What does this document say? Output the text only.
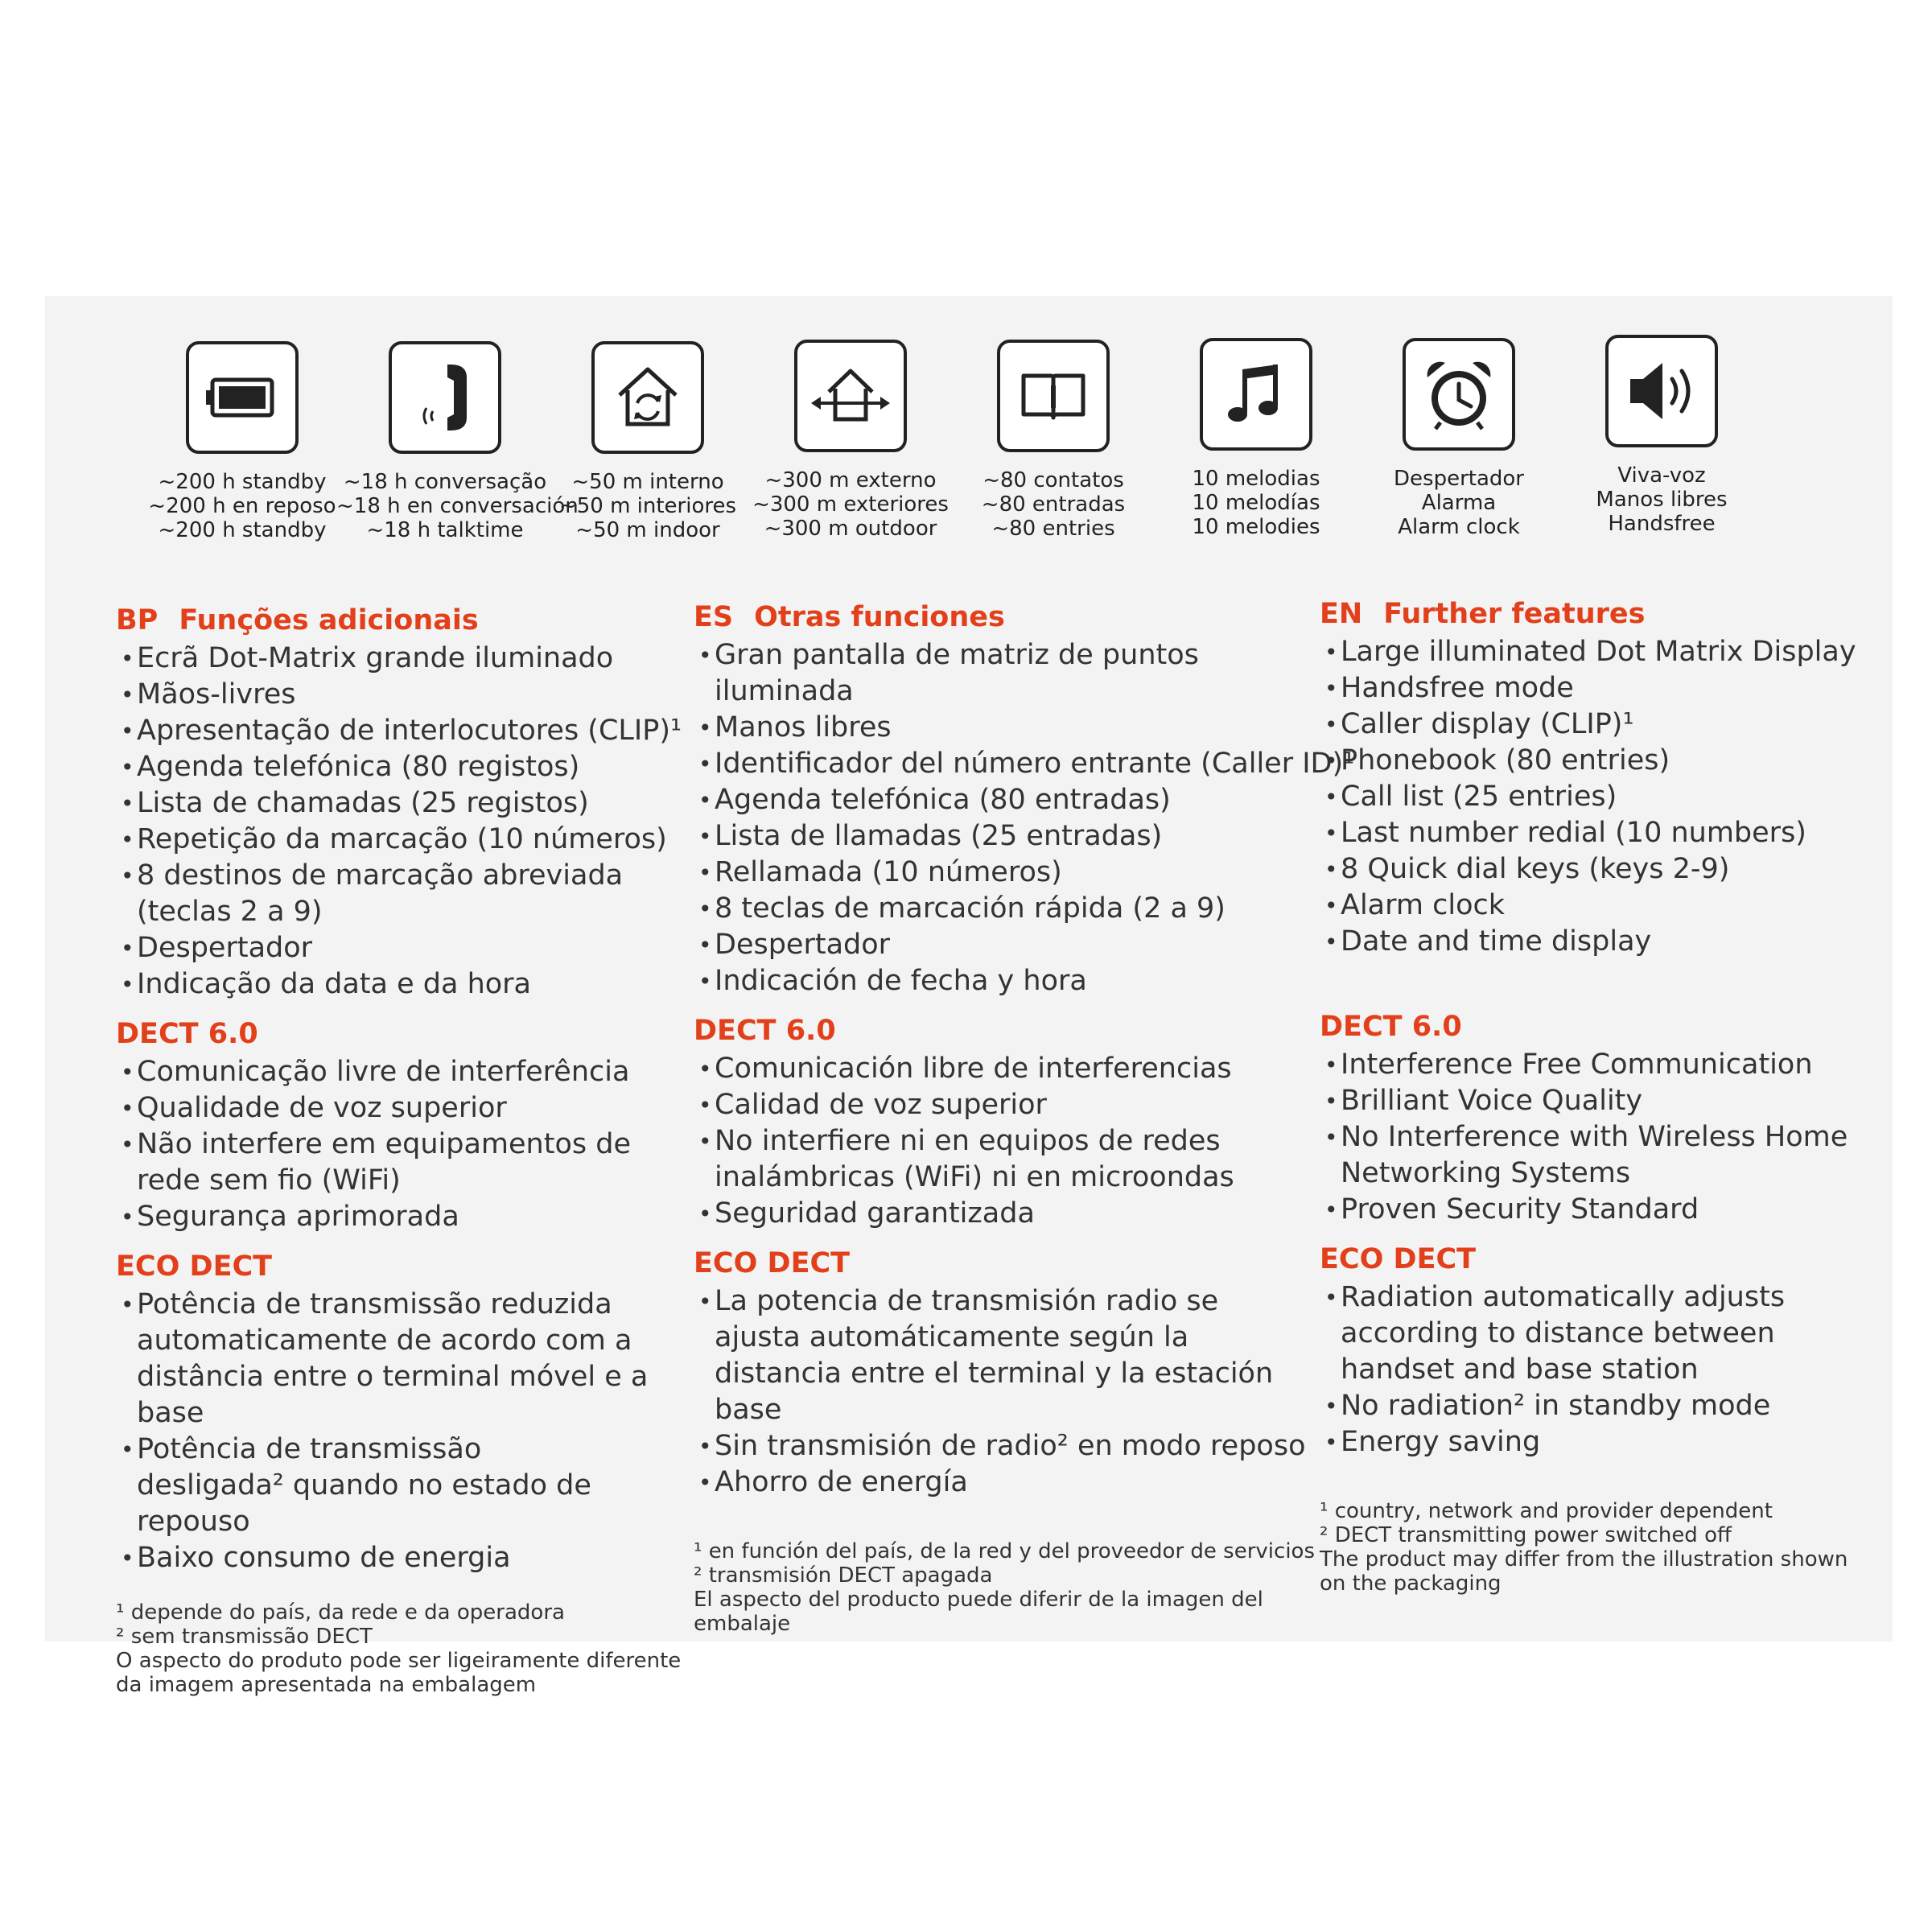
~200 h standby
~200 h en reposo
~200 h standby
~18 h conversação
~18 h en conversación
~18 h talktime
~50 m interno
~50 m interiores
~50 m indoor
~300 m externo
~300 m exteriores
~300 m outdoor
~80 contatos
~80 entradas
~80 entries
10 melodias
10 melodías
10 melodies
Despertador
Alarma
Alarm clock
Viva-voz
Manos libres
Handsfree
BP Funções adicionais
• Ecrã Dot-Matrix grande iluminado
• Mãos-livres
• Apresentação de interlocutores (CLIP)¹
• Agenda telefónica (80 registos)
• Lista de chamadas (25 registos)
• Repetição da marcação (10 números)
• 8 destinos de marcação abreviada (teclas 2 a 9)
• Despertador
• Indicação da data e da hora
DECT 6.0
• Comunicação livre de interferência
• Qualidade de voz superior
• Não interfere em equipamentos de rede sem fio (WiFi)
• Segurança aprimorada
ECO DECT
• Potência de transmissão reduzida automaticamente de acordo com a distância entre o terminal móvel e a base
• Potência de transmissão desligada² quando no estado de repouso
• Baixo consumo de energia
¹ depende do país, da rede e da operadora
² sem transmissão DECT
O aspecto do produto pode ser ligeiramente diferente
da imagem apresentada na embalagem
ES Otras funciones
• Gran pantalla de matriz de puntos iluminada
• Manos libres
• Identificador del número entrante (Caller ID)¹
• Agenda telefónica (80 entradas)
• Lista de llamadas (25 entradas)
• Rellamada (10 números)
• 8 teclas de marcación rápida (2 a 9)
• Despertador
• Indicación de fecha y hora
DECT 6.0
• Comunicación libre de interferencias
• Calidad de voz superior
• No interfiere ni en equipos de redes inalámbricas (WiFi) ni en microondas
• Seguridad garantizada
ECO DECT
• La potencia de transmisión radio se ajusta automáticamente según la distancia entre el terminal y la estación base
• Sin transmisión de radio² en modo reposo
• Ahorro de energía
¹ en función del país, de la red y del proveedor de servicios
² transmisión DECT apagada
El aspecto del producto puede diferir de la imagen del
embalaje
EN Further features
• Large illuminated Dot Matrix Display
• Handsfree mode
• Caller display (CLIP)¹
• Phonebook (80 entries)
• Call list (25 entries)
• Last number redial (10 numbers)
• 8 Quick dial keys (keys 2-9)
• Alarm clock
• Date and time display
DECT 6.0
• Interference Free Communication
• Brilliant Voice Quality
• No Interference with Wireless Home Networking Systems
• Proven Security Standard
ECO DECT
• Radiation automatically adjusts according to distance between handset and base station
• No radiation² in standby mode
• Energy saving
¹ country, network and provider dependent
² DECT transmitting power switched off
The product may differ from the illustration shown
on the packaging
